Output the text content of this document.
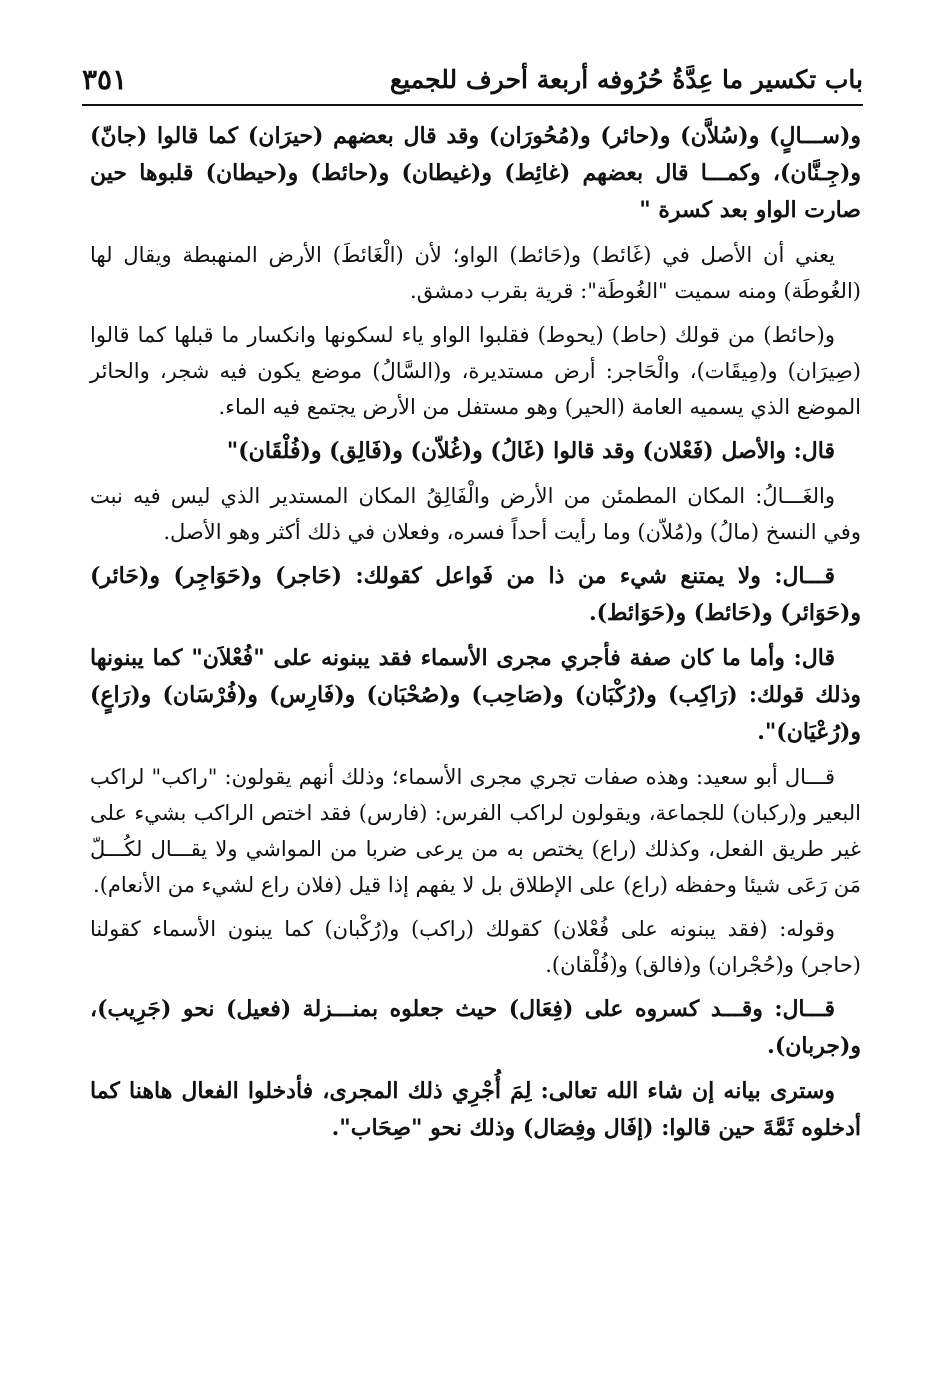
باب تكسير ما عِدَّةُ حُرُوفه أربعة أحرف للجميع
٣٥١

و(ســـالٍ) و(سُلاَّن) و(حائر) و(مُحُورَان) وقد قال بعضهم (حيرَان) كما قالوا (جانّ) و(جِـنَّان)، وكمـــا قال بعضهم (غائِط) و(غيطان) و(حائط) و(حيطان) قلبوها حين صارت الواو بعد كسرة "

يعني أن الأصل في (غَائط) و(حَائط) الواو؛ لأن (الْغَائطَ) الأرض المنهبطة ويقال لها (الغُوطَة) ومنه سميت "الغُوطَة": قرية بقرب دمشق.

و(حائط) من قولك (حاط) (يحوط) فقلبوا الواو ياء لسكونها وانكسار ما قبلها كما قالوا (صِيرَان) و(مِيقَات)، والْحَاجر: أرض مستديرة، و(السَّالُ) موضع يكون فيه شجر، والحائر الموضع الذي يسميه العامة (الحير) وهو مستفل من الأرض يجتمع فيه الماء.

قال: والأصل (فَعْلان) وقد قالوا (غَالُ) و(غُلاّن) و(فَالِق) و(فُلْقَان)"

والغَـــالُ: المكان المطمئن من الأرض والْفَالِقُ المكان المستدير الذي ليس فيه نبت وفي النسخ (مالُ) و(مُلاّن) وما رأيت أحداً فسره، وفعلان في ذلك أكثر وهو الأصل.

قـــال: ولا يمتنع شيء من ذا من فَواعل كقولك: (حَاجر) و(حَوَاجِر) و(حَائر) و(حَوَائر) و(حَائط) و(حَوَائط).

قال: وأما ما كان صفة فأجري مجرى الأسماء فقد يبنونه على "فُعْلاَن" كما يبنونها وذلك قولك: (رَاكِب) و(رُكْبَان) و(صَاحِب) و(صُحْبَان) و(فَارِس) و(فُرْسَان) و(رَاعٍ) و(رُعْيَان)".

قـــال أبو سعيد: وهذه صفات تجري مجرى الأسماء؛ وذلك أنهم يقولون: "راكب" لراكب البعير و(ركبان) للجماعة، ويقولون لراكب الفرس: (فارس) فقد اختص الراكب بشيء على غير طريق الفعل، وكذلك (راع) يختص به من يرعى ضربا من المواشي ولا يقـــال لكُـــلّ مَن رَعَى شيئا وحفظه (راع) على الإطلاق بل لا يفهم إذا قيل (فلان راع لشيء من الأنعام).

وقوله: (فقد يبنونه على فُعْلان) كقولك (راكب) و(رُكْبان) كما يبنون الأسماء كقولنا (حاجر) و(حُجْران) و(فالق) و(فُلْقان).

قـــال: وقـــد كسروه على (فِعَال) حيث جعلوه بمنـــزلة (فعيل) نحو (جَرِيب)، و(جربان).

وسترى بيانه إن شاء الله تعالى: لِمَ أُجْرِي ذلك المجرى، فأدخلوا الفعال هاهنا كما أدخلوه ثَمَّةَ حين قالوا: (إفَال وفِصَال) وذلك نحو "صِحَاب".
